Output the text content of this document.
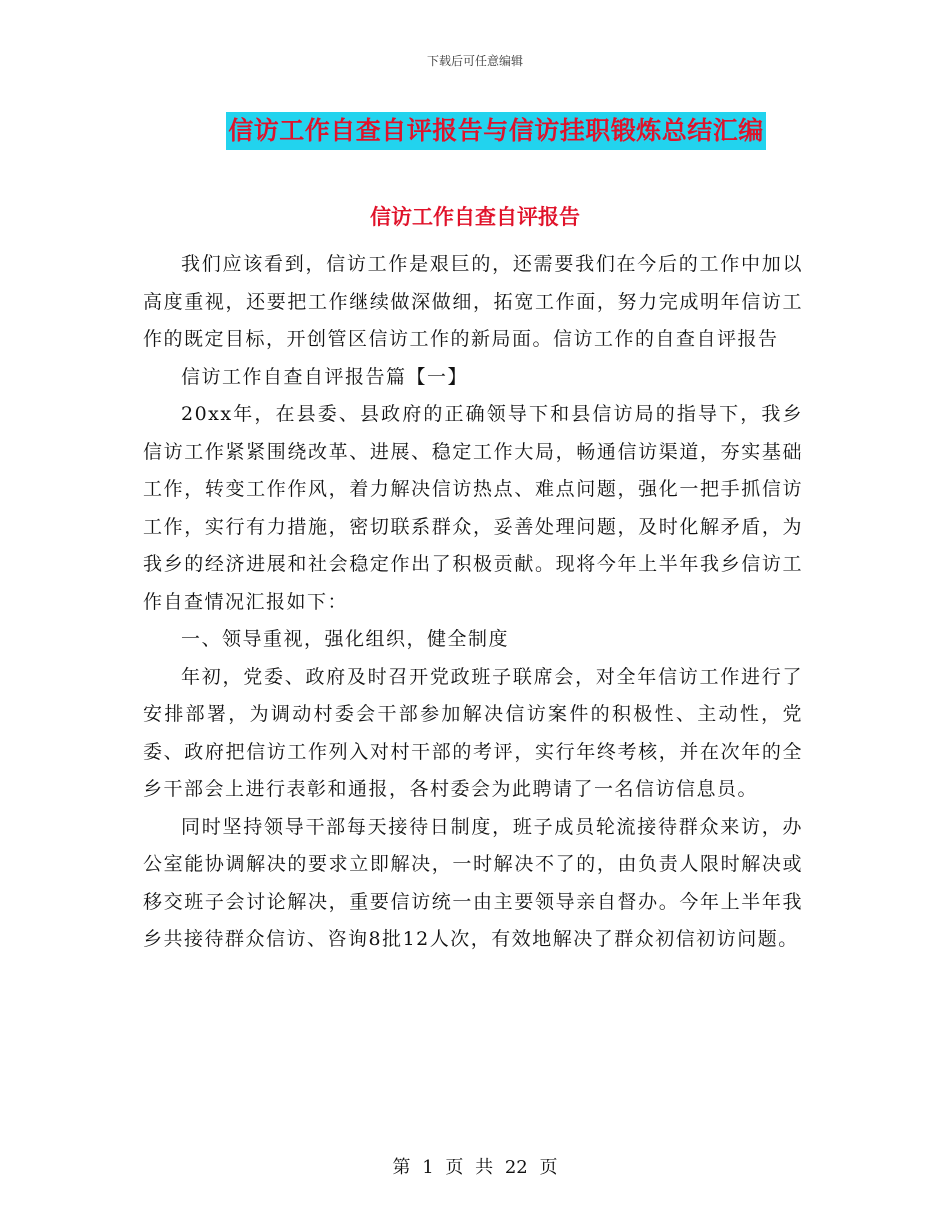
下载后可任意编辑
信访工作自查自评报告与信访挂职锻炼总结汇编
信访工作自查自评报告

我们应该看到，信访工作是艰巨的，还需要我们在今后的工作中加以高度重视，还要把工作继续做深做细，拓宽工作面，努力完成明年信访工作的既定目标，开创管区信访工作的新局面。信访工作的自查自评报告

信访工作自查自评报告篇【一】

20xx年，在县委、县政府的正确领导下和县信访局的指导下，我乡信访工作紧紧围绕改革、进展、稳定工作大局，畅通信访渠道，夯实基础工作，转变工作作风，着力解决信访热点、难点问题，强化一把手抓信访工作，实行有力措施，密切联系群众，妥善处理问题，及时化解矛盾，为我乡的经济进展和社会稳定作出了积极贡献。现将今年上半年我乡信访工作自查情况汇报如下：

一、领导重视，强化组织，健全制度

年初，党委、政府及时召开党政班子联席会，对全年信访工作进行了安排部署，为调动村委会干部参加解决信访案件的积极性、主动性，党委、政府把信访工作列入对村干部的考评，实行年终考核，并在次年的全乡干部会上进行表彰和通报，各村委会为此聘请了一名信访信息员。

同时坚持领导干部每天接待日制度，班子成员轮流接待群众来访，办公室能协调解决的要求立即解决，一时解决不了的，由负责人限时解决或移交班子会讨论解决，重要信访统一由主要领导亲自督办。今年上半年我乡共接待群众信访、咨询8批12人次，有效地解决了群众初信初访问题。

第 1 页 共 22 页
